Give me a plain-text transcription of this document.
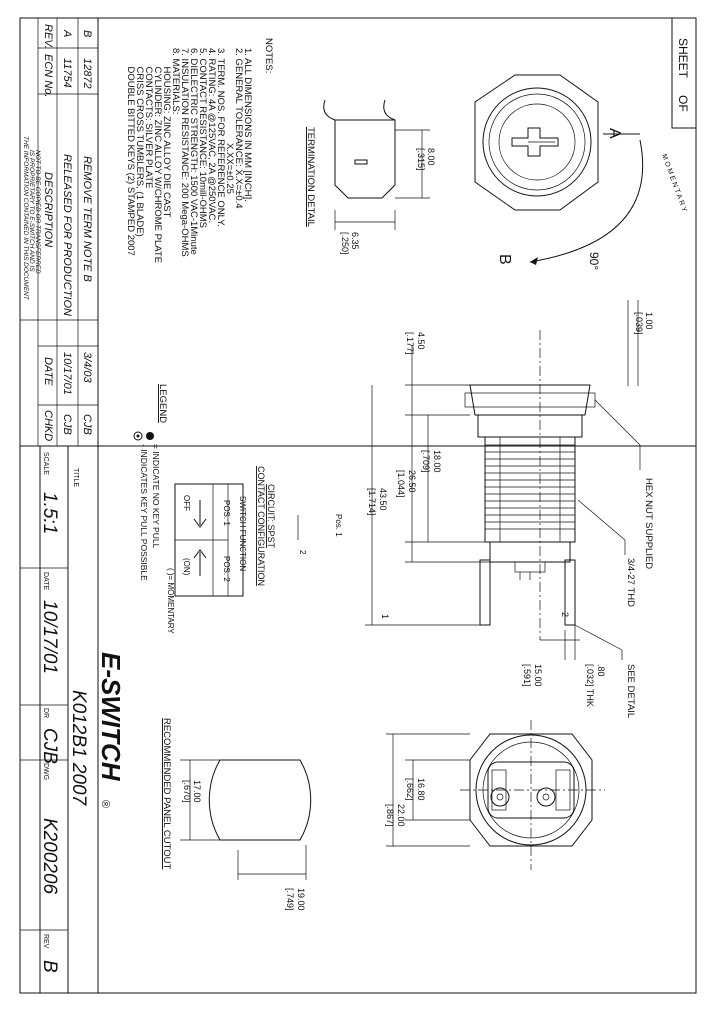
SHEET
OF
REV.
ECN No.
DESCRIPTION
DATE
CHKD
A
11754
RELEASED FOR PRODUCTION
10/17/01
CJB
B
12872
REMOVE TERM NOTE B
3/4/03
CJB
THE INFORMATION CONTAINED IN THIS DOCUMENT IS PROPRIETARY TO E-SWITCH AND IS NOT TO BE COPIED OR TRANSFERRED
NOTES:
1. ALL DIMENSIONS IN MM [INCH].
2. GENERAL TOLERANCE: X.X=±0.4
X.XX=±0.25
3. TERM. NOS. FOR REFERENCE ONLY.
4. RATING: 4A @125VAC, 2A @250VAC.
5. CONTACT RESISTANCE: 10mill-OHMS
6. DIELECTRIC STRENGTH: 1500 VAC-1Minute
7. INSULATION RESISTANCE: 200 Mega-OHMS
8. MATERIALS:
HOUSING: ZINC ALLOY DIE CAST
CYLINDER: ZINC ALLOY W/CHROME PLATE
CONTACTS: SILVER PLATE
CRISS CROSS TUMBLERS, (1 BLADE)
DOUBLE BITTED KEYS (2) STAMPED 2007
TITLE
K012B1 2007
SCALE
1.5:1
DATE
10/17/01
DR
CJB
DWG
K200206
REV
B
E-SWITCH
®
A
90°
B
MOMENTARY
8.00
[.315]
6.35
[.250]
TERMINATION DETAIL
1.00
[.039]
4.50
[.177]
18.00
[.709]
26.50
[1.044]
43.50
[1.714]
15.00
[.591]	.80
[.032] THK
HEX NUT SUPPLIED
3/4-27 THD
SEE DETAIL
1	2
Pos. 1
2
CIRCUIT: SPST
CONTACT CONFIGURATION
SWITCH FUNCTION
POS. 1
POS. 2
OFF
(ON)
( )= MOMENTARY
LEGEND
= INDICATE NO KEY PULL
- INDICATES KEY PULL POSSIBLE
16.80
[.662]
22.00
[.867]
17.00
[.670]
19.00
[.749]
RECOMMENDED PANEL CUTOUT
